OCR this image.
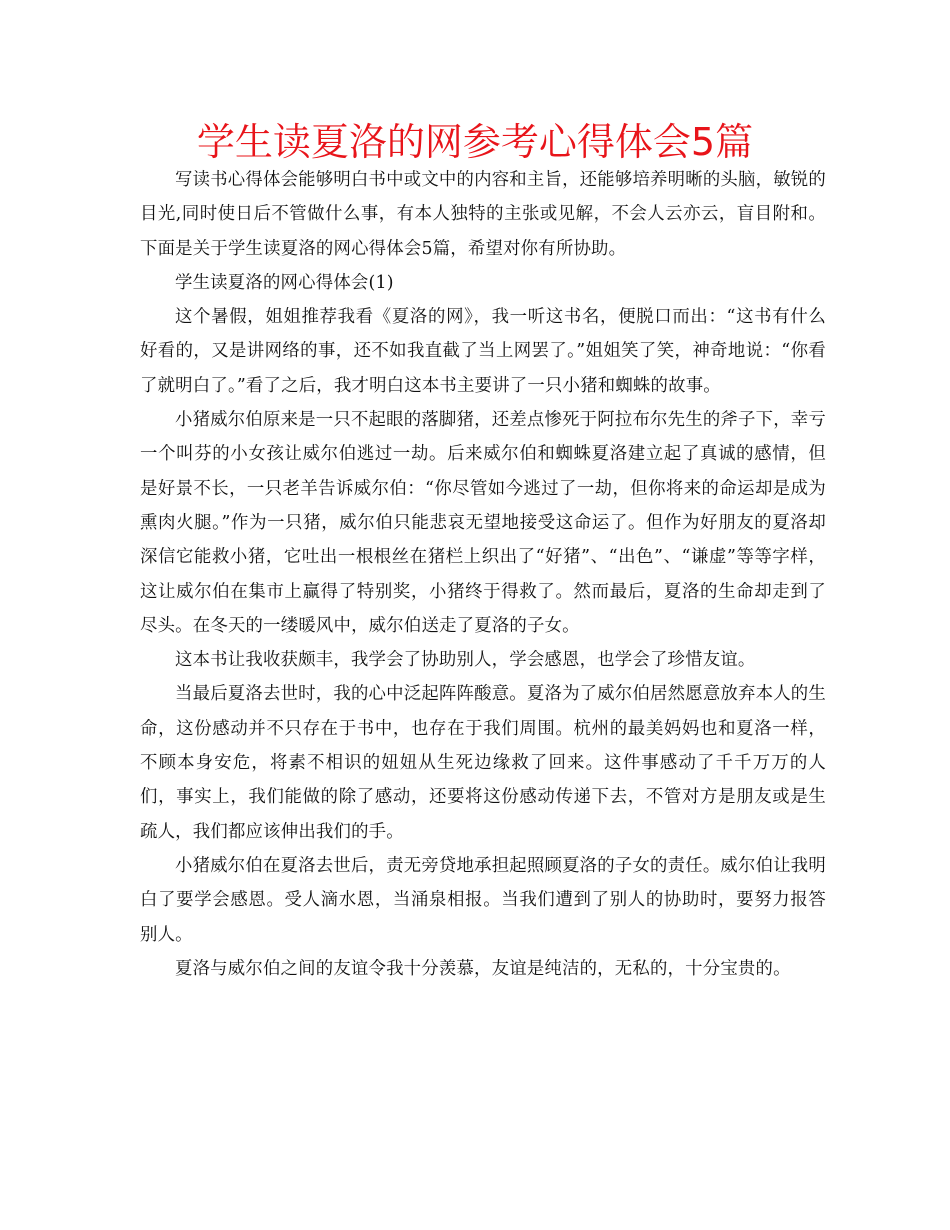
学生读夏洛的网参考心得体会5篇

写读书心得体会能够明白书中或文中的内容和主旨，还能够培养明晰的头脑，敏锐的目光,同时使日后不管做什么事，有本人独特的主张或见解，不会人云亦云，盲目附和。下面是关于学生读夏洛的网心得体会5篇，希望对你有所协助。

学生读夏洛的网心得体会(1)

这个暑假，姐姐推荐我看《夏洛的网》，我一听这书名，便脱口而出：“这书有什么好看的，又是讲网络的事，还不如我直截了当上网罢了。”姐姐笑了笑，神奇地说：“你看了就明白了。”看了之后，我才明白这本书主要讲了一只小猪和蜘蛛的故事。

小猪威尔伯原来是一只不起眼的落脚猪，还差点惨死于阿拉布尔先生的斧子下，幸亏一个叫芬的小女孩让威尔伯逃过一劫。后来威尔伯和蜘蛛夏洛建立起了真诚的感情，但是好景不长，一只老羊告诉威尔伯：“你尽管如今逃过了一劫，但你将来的命运却是成为熏肉火腿。”作为一只猪，威尔伯只能悲哀无望地接受这命运了。但作为好朋友的夏洛却深信它能救小猪，它吐出一根根丝在猪栏上织出了“好猪”、“出色”、“谦虚”等等字样，这让威尔伯在集市上赢得了特别奖，小猪终于得救了。然而最后，夏洛的生命却走到了尽头。在冬天的一缕暖风中，威尔伯送走了夏洛的子女。

这本书让我收获颇丰，我学会了协助别人，学会感恩，也学会了珍惜友谊。

当最后夏洛去世时，我的心中泛起阵阵酸意。夏洛为了威尔伯居然愿意放弃本人的生命，这份感动并不只存在于书中，也存在于我们周围。杭州的最美妈妈也和夏洛一样，不顾本身安危，将素不相识的妞妞从生死边缘救了回来。这件事感动了千千万万的人们，事实上，我们能做的除了感动，还要将这份感动传递下去，不管对方是朋友或是生疏人，我们都应该伸出我们的手。

小猪威尔伯在夏洛去世后，责无旁贷地承担起照顾夏洛的子女的责任。威尔伯让我明白了要学会感恩。受人滴水恩，当涌泉相报。当我们遭到了别人的协助时，要努力报答别人。

夏洛与威尔伯之间的友谊令我十分羡慕，友谊是纯洁的，无私的，十分宝贵的。
